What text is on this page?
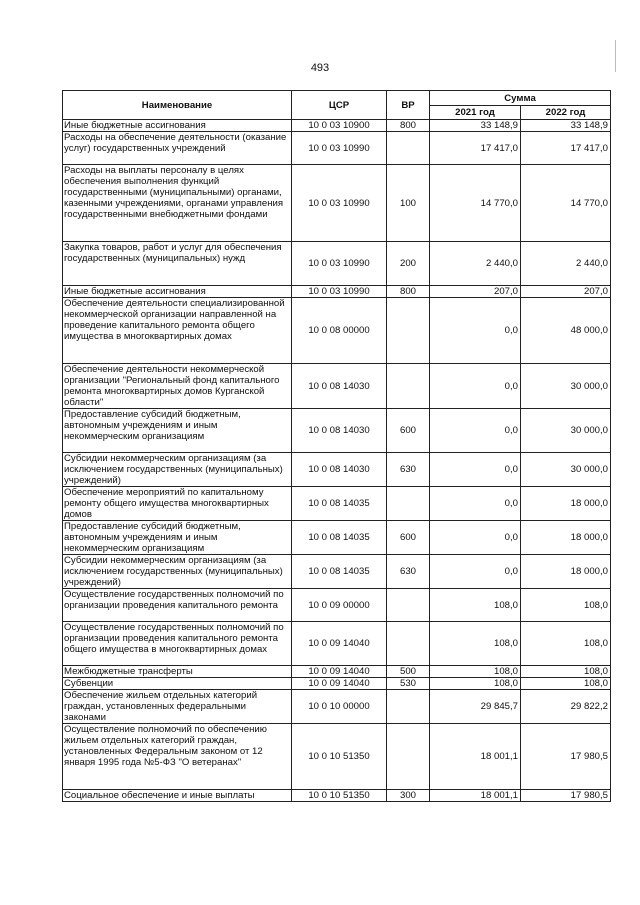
493
Наименование	ЦСР	ВР	Сумма	
			2021 год	2022 год
Иные бюджетные ассигнования	10 0 03 10900	800	33 148,9	33 148,9
Расходы на обеспечение деятельности (оказание услуг) государственных учреждений	10 0 03 10990		17 417,0	17 417,0
Расходы на выплаты персоналу в целях обеспечения выполнения функций государственными (муниципальными) органами, казенными учреждениями, органами управления государственными внебюджетными фондами	10 0 03 10990	100	14 770,0	14 770,0
Закупка товаров, работ и услуг для обеспечения государственных (муниципальных) нужд	10 0 03 10990	200	2 440,0	2 440,0
Иные бюджетные ассигнования	10 0 03 10990	800	207,0	207,0
Обеспечение деятельности специализированной некоммерческой организации направленной на проведение капитального ремонта общего имущества в многоквартирных домах	10 0 08 00000		0,0	48 000,0
Обеспечение деятельности некоммерческой организации "Региональный фонд капитального ремонта многоквартирных домов Курганской области"	10 0 08 14030		0,0	30 000,0
Предоставление субсидий бюджетным, автономным учреждениям и иным некоммерческим организациям	10 0 08 14030	600	0,0	30 000,0
Субсидии некоммерческим организациям (за исключением государственных (муниципальных) учреждений)	10 0 08 14030	630	0,0	30 000,0
Обеспечение мероприятий по капитальному ремонту общего имущества многоквартирных домов	10 0 08 14035		0,0	18 000,0
Предоставление субсидий бюджетным, автономным учреждениям и иным некоммерческим организациям	10 0 08 14035	600	0,0	18 000,0
Субсидии некоммерческим организациям (за исключением государственных (муниципальных) учреждений)	10 0 08 14035	630	0,0	18 000,0
Осуществление государственных полномочий по организации проведения капитального ремонта	10 0 09 00000		108,0	108,0
Осуществление государственных полномочий по организации проведения капитального ремонта общего имущества в многоквартирных домах	10 0 09 14040		108,0	108,0
Межбюджетные трансферты	10 0 09 14040	500	108,0	108,0
Субвенции	10 0 09 14040	530	108,0	108,0
Обеспечение жильем отдельных категорий граждан, установленных федеральными законами	10 0 10 00000		29 845,7	29 822,2
Осуществление полномочий по обеспечению жильем отдельных категорий граждан, установленных Федеральным законом от 12 января 1995 года №5-ФЗ "О ветеранах"	10 0 10 51350		18 001,1	17 980,5
Социальное обеспечение и иные выплаты	10 0 10 51350	300	18 001,1	17 980,5
